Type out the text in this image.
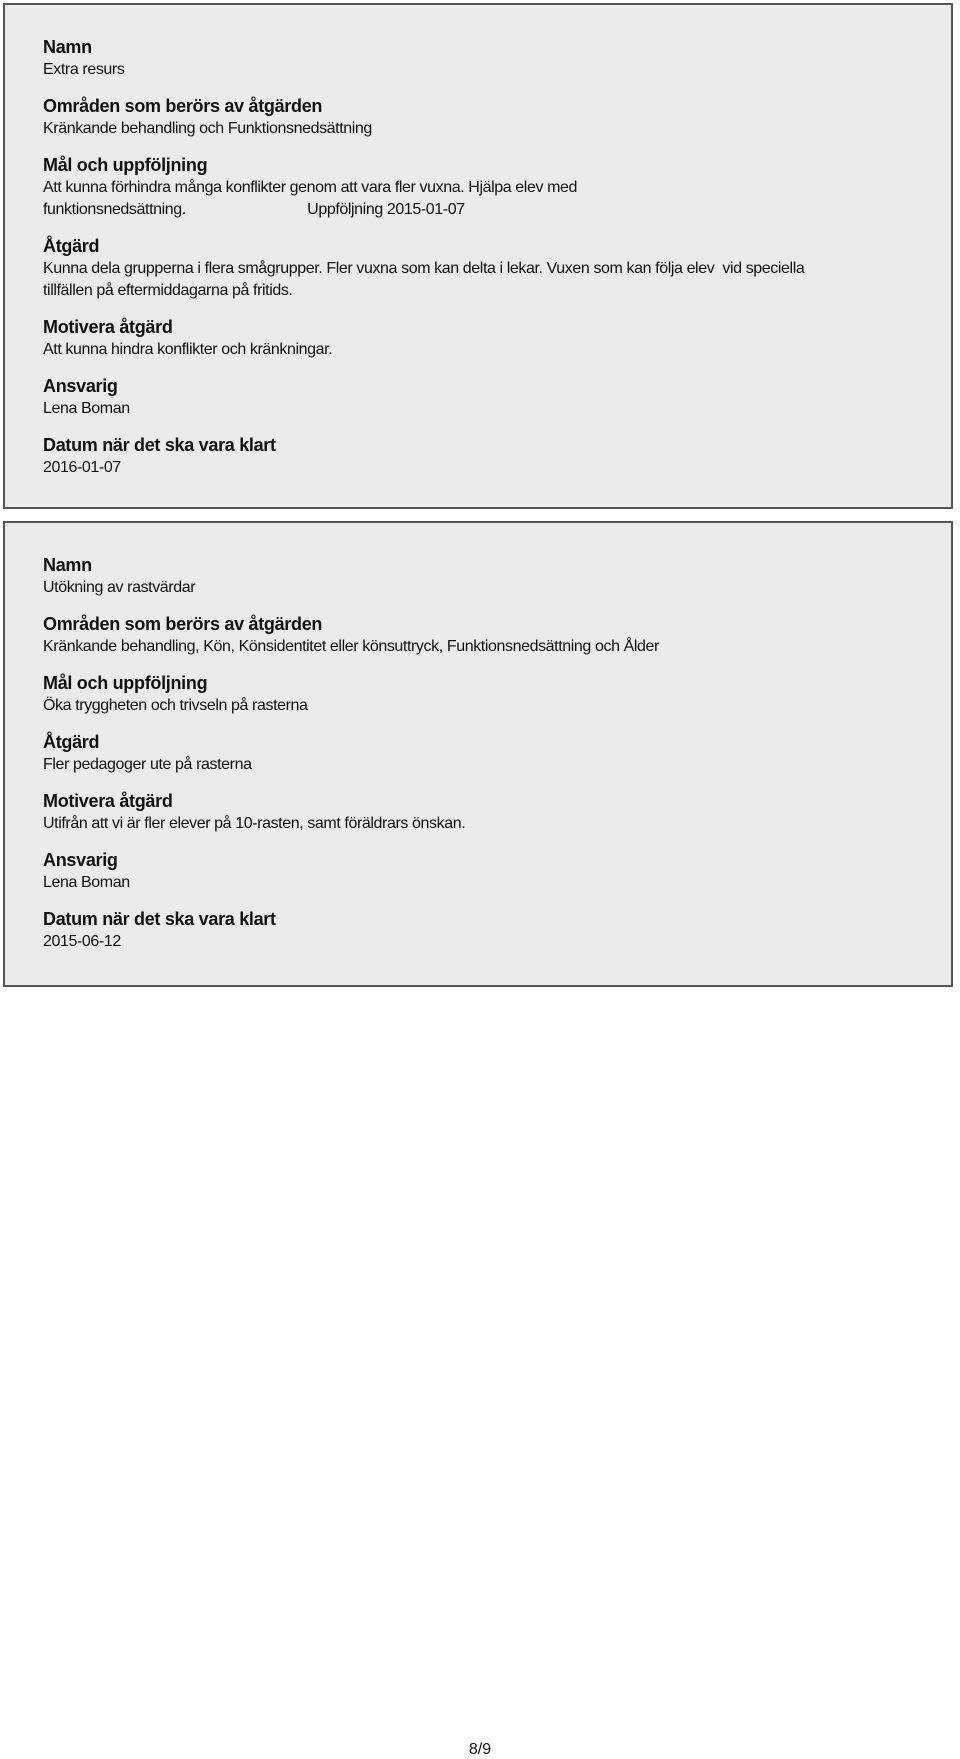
Namn
Extra resurs
Områden som berörs av åtgärden
Kränkande behandling och Funktionsnedsättning
Mål och uppföljning
Att kunna förhindra många konflikter genom att vara fler vuxna. Hjälpa elev med
funktionsnedsättning.                              Uppföljning 2015-01-07
Åtgärd
Kunna dela grupperna i flera smågrupper. Fler vuxna som kan delta i lekar. Vuxen som kan följa elev  vid speciella
tillfällen på eftermiddagarna på fritids.
Motivera åtgärd
Att kunna hindra konflikter och kränkningar.
Ansvarig
Lena Boman
Datum när det ska vara klart
2016-01-07
Namn
Utökning av rastvärdar
Områden som berörs av åtgärden
Kränkande behandling, Kön, Könsidentitet eller könsuttryck, Funktionsnedsättning och Ålder
Mål och uppföljning
Öka tryggheten och trivseln på rasterna
Åtgärd
Fler pedagoger ute på rasterna
Motivera åtgärd
Utifrån att vi är fler elever på 10-rasten, samt föräldrars önskan.
Ansvarig
Lena Boman
Datum när det ska vara klart
2015-06-12
8/9
